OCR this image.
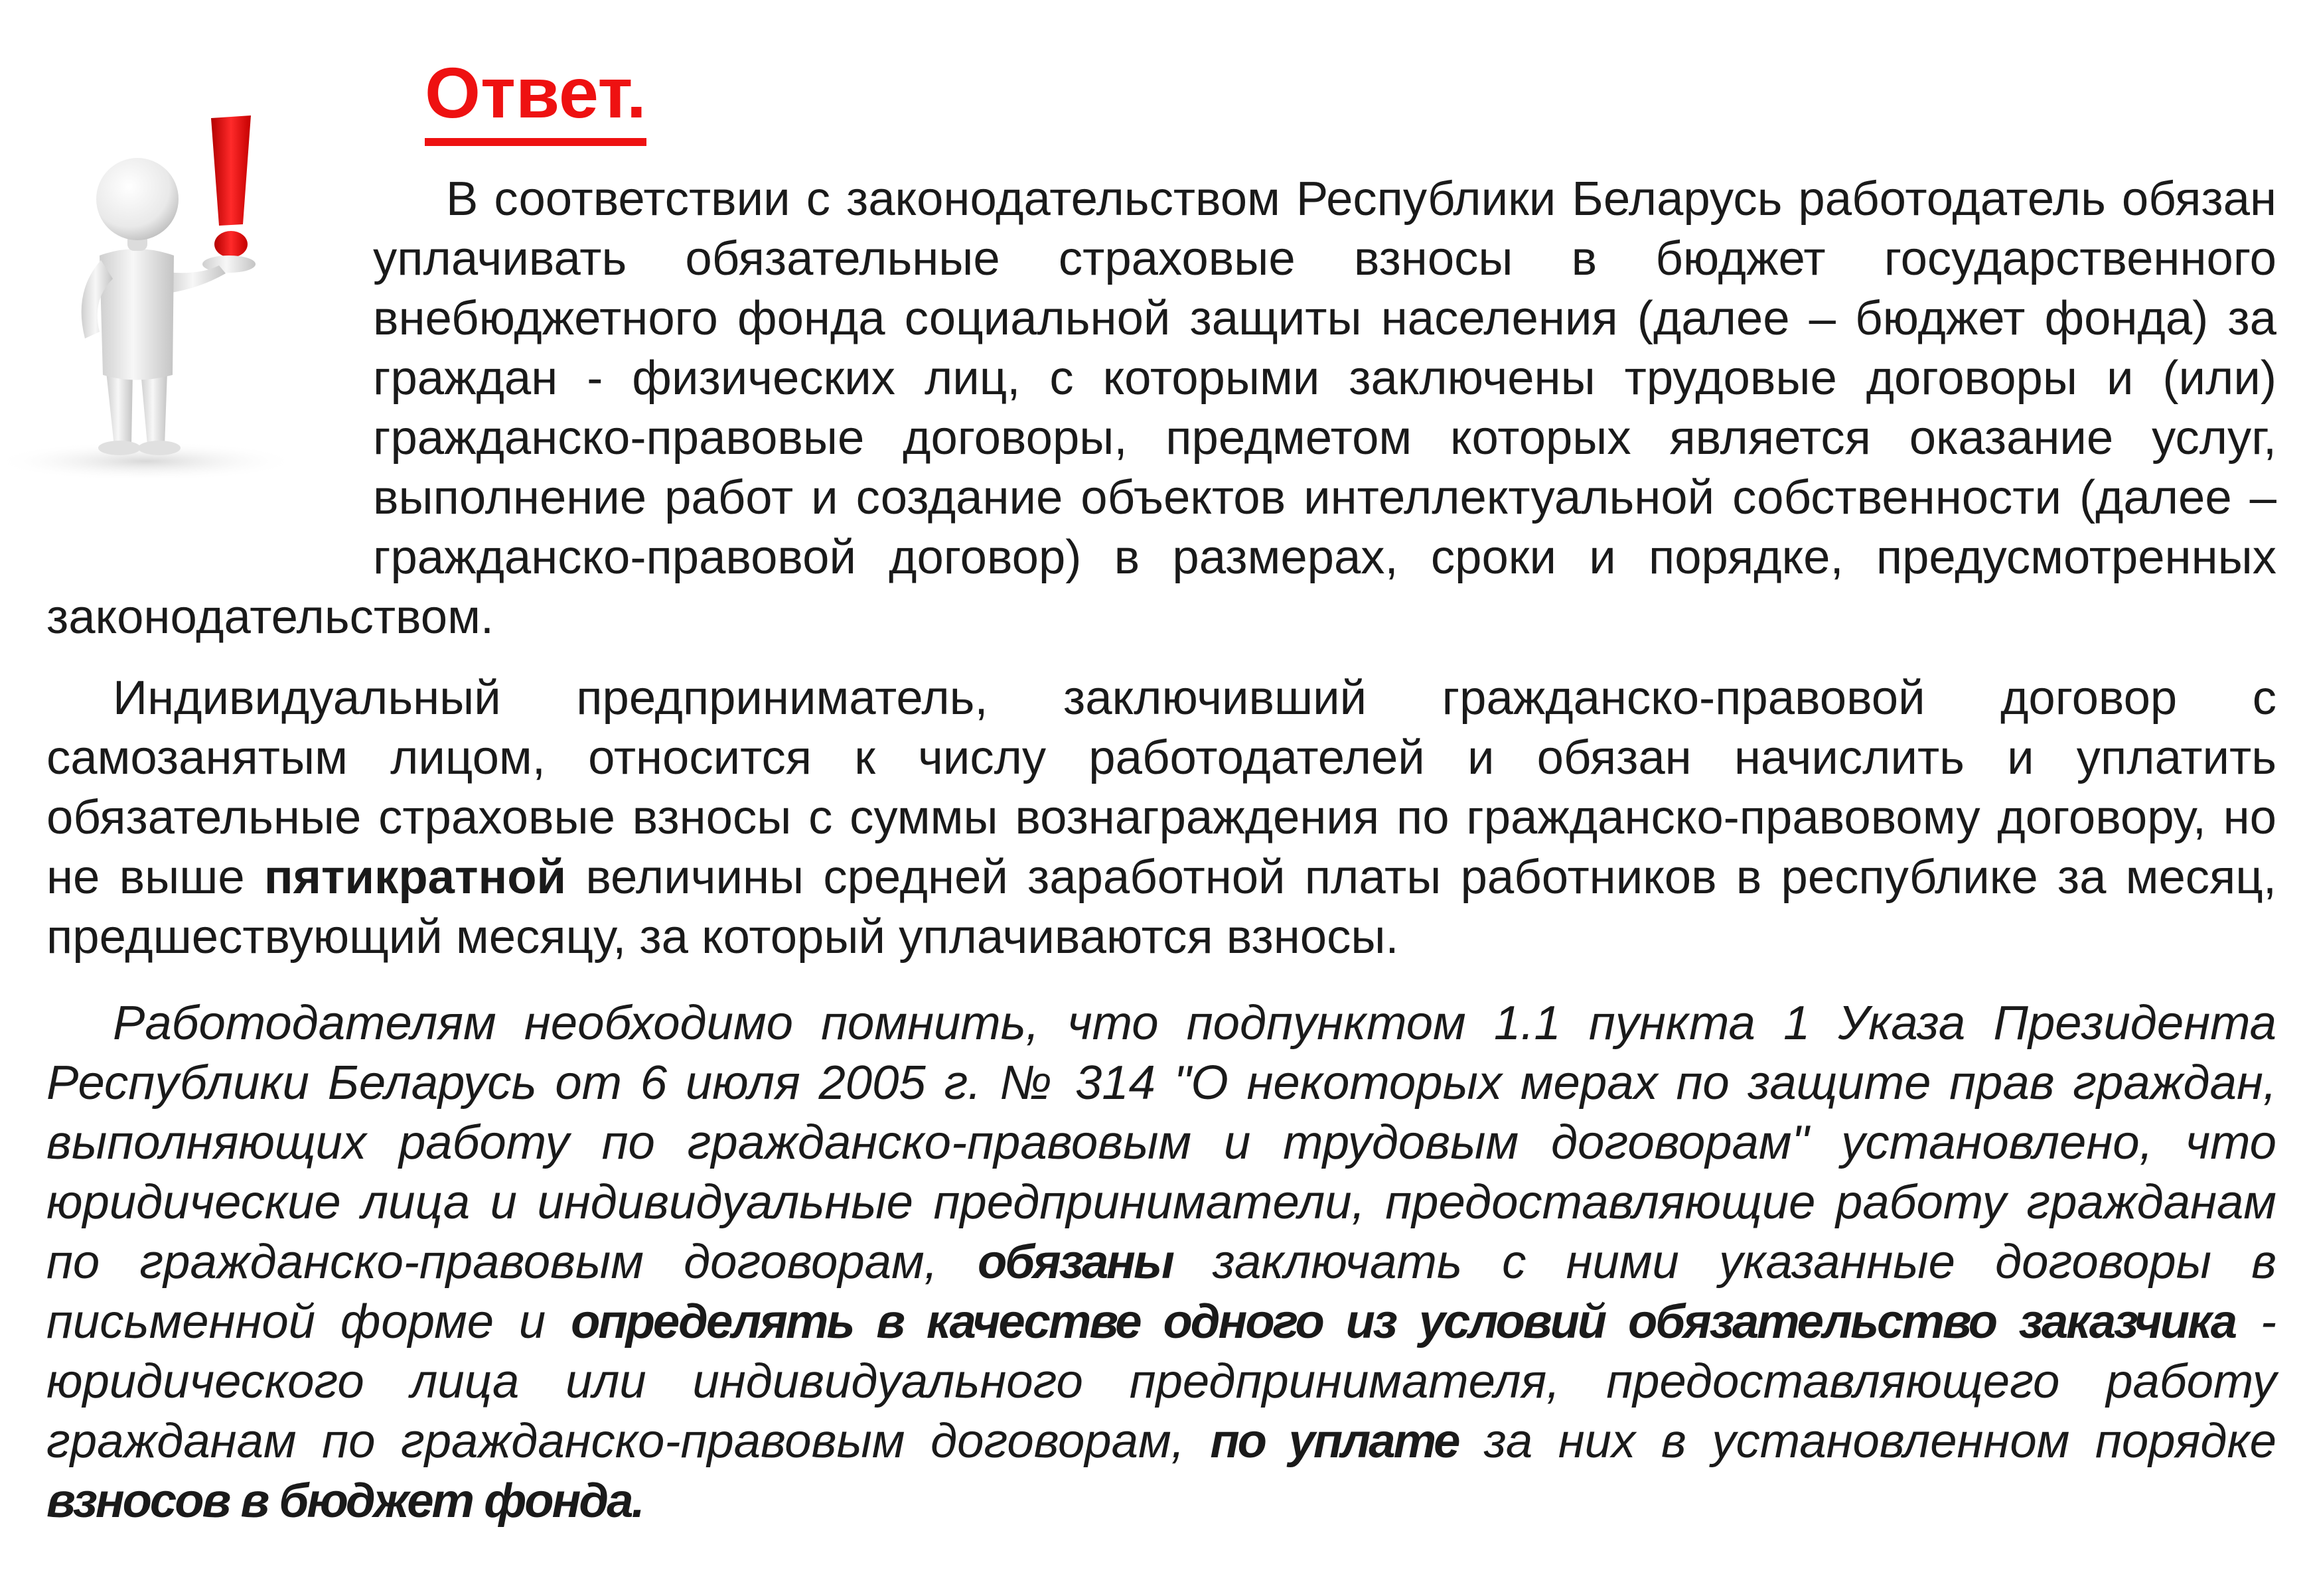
Ответ.

В соответствии с законодательством Республики Беларусь работодатель обязан уплачивать обязательные страховые взносы в бюджет государственного внебюджетного фонда социальной защиты населения (далее – бюджет фонда) за граждан - физических лиц, с которыми заключены трудовые договоры и (или) гражданско-правовые договоры, предметом которых является оказание услуг, выполнение работ и создание объектов интеллектуальной собственности (далее – гражданско-правовой договор) в размерах, сроки и порядке, предусмотренных законодательством.

Индивидуальный предприниматель, заключивший гражданско-правовой договор с самозанятым лицом, относится к числу работодателей и обязан начислить и уплатить обязательные страховые взносы с суммы вознаграждения по гражданско-правовому договору, но не выше пятикратной величины средней заработной платы работников в республике за месяц, предшествующий месяцу, за который уплачиваются взносы.

Работодателям необходимо помнить, что подпунктом 1.1 пункта 1 Указа Президента Республики Беларусь от 6 июля 2005 г. № 314 "О некоторых мерах по защите прав граждан, выполняющих работу по гражданско-правовым и трудовым договорам" установлено, что юридические лица и индивидуальные предприниматели, предоставляющие работу гражданам по гражданско-правовым договорам, обязаны заключать с ними указанные договоры в письменной форме и определять в качестве одного из условий обязательство заказчика - юридического лица или индивидуального предпринимателя, предоставляющего работу гражданам по гражданско-правовым договорам, по уплате за них в установленном порядке взносов в бюджет фонда.
